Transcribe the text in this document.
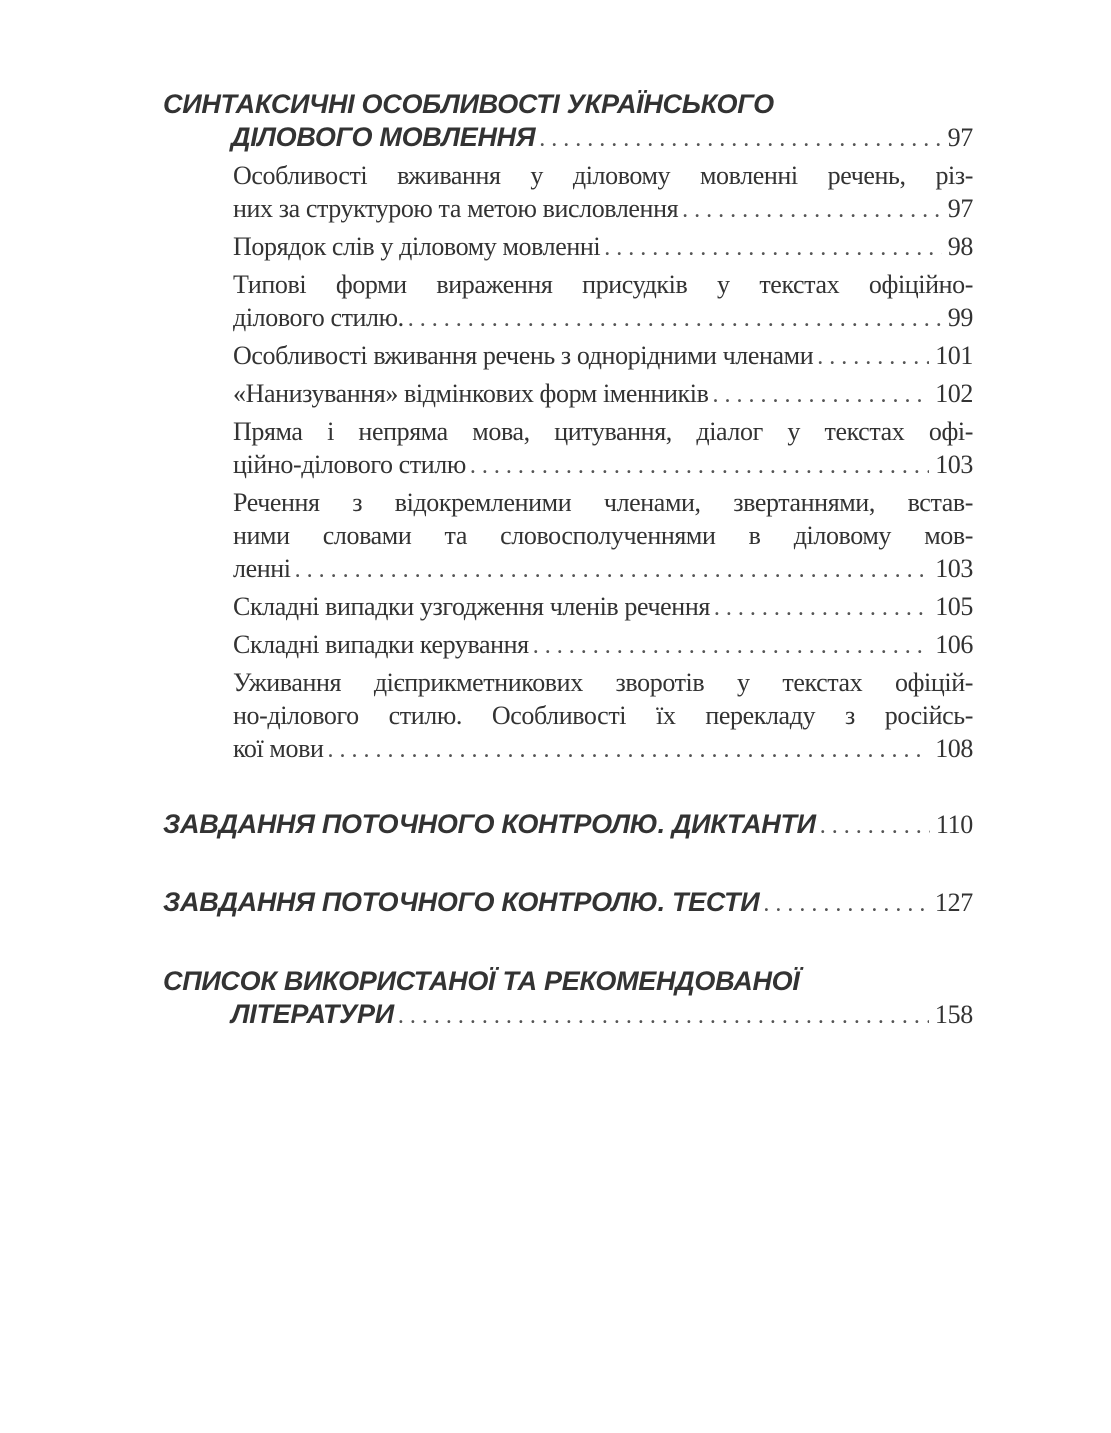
СИНТАКСИЧНІ ОСОБЛИВОСТІ УКРАЇНСЬКОГО
ДІЛОВОГО МОВЛЕННЯ . . .	97
Особливості вживання у діловому мовленні речень, різ-
них за структурою та метою висловлення . . .	97
Порядок слів у діловому мовленні . . .	98
Типові форми вираження присудків у текстах офіційно-
ділового стилю. . . .	99
Особливості вживання речень з однорідними членами . . .	101
«Нанизування» відмінкових форм іменників . . .	102
Пряма і непряма мова, цитування, діалог у текстах офі-
ційно-ділового стилю . . .	103
Речення з відокремленими членами, звертаннями, встав-
ними словами та словосполученнями в діловому мов-
ленні . . .	103
Складні випадки узгодження членів речення . . .	105
Складні випадки керування . . .	106
Уживання дієприкметникових зворотів у текстах офіцій-
но-ділового стилю. Особливості їх перекладу з російсь-
кої мови . . .	108
ЗАВДАННЯ ПОТОЧНОГО КОНТРОЛЮ. ДИКТАНТИ . . .	110
ЗАВДАННЯ ПОТОЧНОГО КОНТРОЛЮ. ТЕСТИ . . .	127
СПИСОК ВИКОРИСТАНОЇ ТА РЕКОМЕНДОВАНОЇ
ЛІТЕРАТУРИ . . .	158
